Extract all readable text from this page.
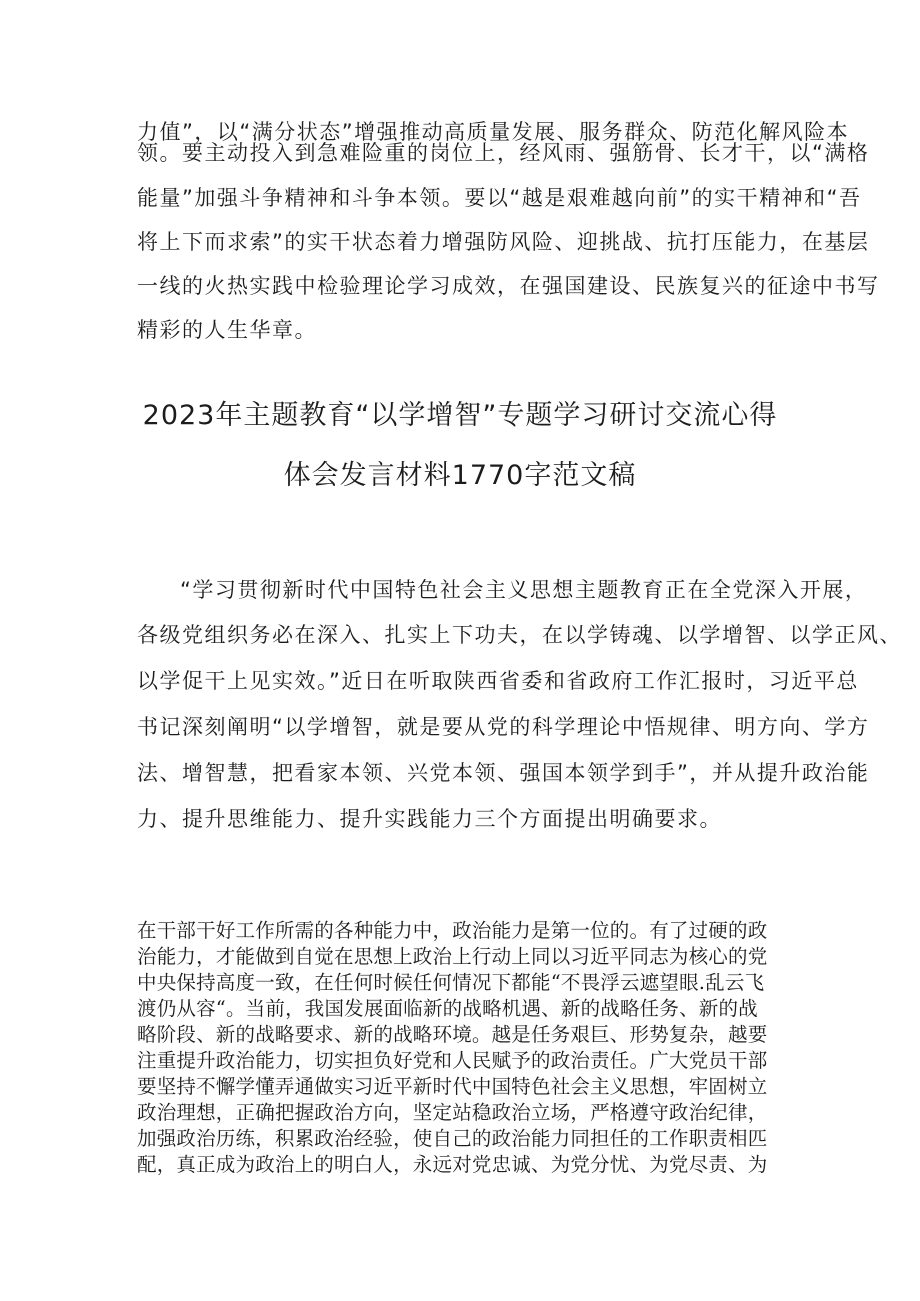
力值”，以“满分状态”增强推动高质量发展、服务群众、防范化解风险本
领。要主动投入到急难险重的岗位上，经风雨、强筋骨、长才干，以“满格
能量”加强斗争精神和斗争本领。要以“越是艰难越向前”的实干精神和“吾
将上下而求索”的实干状态着力增强防风险、迎挑战、抗打压能力，在基层
一线的火热实践中检验理论学习成效，在强国建设、民族复兴的征途中书写
精彩的人生华章。
2023年主题教育“以学增智”专题学习研讨交流心得
体会发言材料1770字范文稿
“学习贯彻新时代中国特色社会主义思想主题教育正在全党深入开展，
各级党组织务必在深入、扎实上下功夫，在以学铸魂、以学增智、以学正风、
以学促干上见实效。”近日在听取陕西省委和省政府工作汇报时，习近平总
书记深刻阐明“以学增智，就是要从党的科学理论中悟规律、明方向、学方
法、增智慧，把看家本领、兴党本领、强国本领学到手”，并从提升政治能
力、提升思维能力、提升实践能力三个方面提出明确要求。
在干部干好工作所需的各种能力中，政治能力是第一位的。有了过硬的政
治能力，才能做到自觉在思想上政治上行动上同以习近平同志为核心的党
中央保持高度一致，在任何时候任何情况下都能“不畏浮云遮望眼.乱云飞
渡仍从容“。当前，我国发展面临新的战略机遇、新的战略任务、新的战
略阶段、新的战略要求、新的战略环境。越是任务艰巨、形势复杂，越要
注重提升政治能力，切实担负好党和人民赋予的政治责任。广大党员干部
要坚持不懈学懂弄通做实习近平新时代中国特色社会主义思想，牢固树立
政治理想，正确把握政治方向，坚定站稳政治立场，严格遵守政治纪律，
加强政治历练，积累政治经验，使自己的政治能力同担任的工作职责相匹
配，真正成为政治上的明白人，永远对党忠诚、为党分忧、为党尽责、为
